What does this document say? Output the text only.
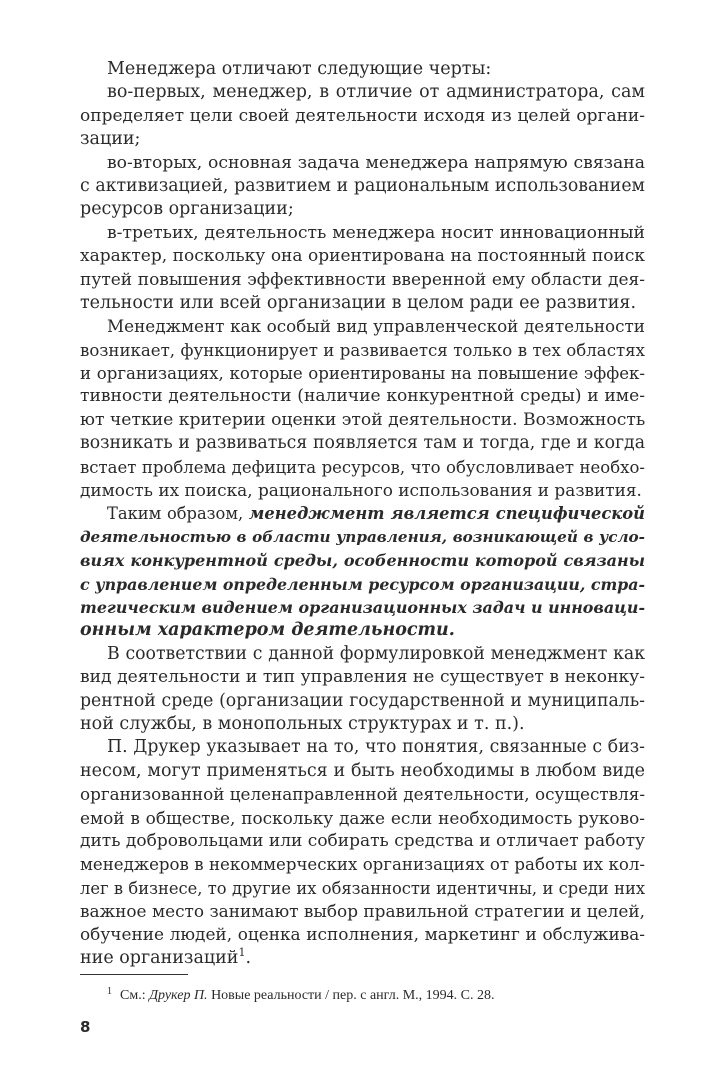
Менеджера отличают следующие черты:
во-первых, менеджер, в отличие от администратора, сам
определяет цели своей деятельности исходя из целей органи-
зации;
во-вторых, основная задача менеджера напрямую связана
с активизацией, развитием и рациональным использованием
ресурсов организации;
в-третьих, деятельность менеджера носит инновационный
характер, поскольку она ориентирована на постоянный поиск
путей повышения эффективности вверенной ему области дея-
тельности или всей организации в целом ради ее развития.
Менеджмент как особый вид управленческой деятельности
возникает, функционирует и развивается только в тех областях
и организациях, которые ориентированы на повышение эффек-
тивности деятельности (наличие конкурентной среды) и име-
ют четкие критерии оценки этой деятельности. Возможность
возникать и развиваться появляется там и тогда, где и когда
встает проблема дефицита ресурсов, что обусловливает необхо-
димость их поиска, рационального использования и развития.
Таким образом, менеджмент является специфической
деятельностью в области управления, возникающей в усло-
виях конкурентной среды, особенности которой связаны
с управлением определенным ресурсом организации, стра-
тегическим видением организационных задач и инноваци-
онным характером деятельности.
В соответствии с данной формулировкой менеджмент как
вид деятельности и тип управления не существует в неконку-
рентной среде (организации государственной и муниципаль-
ной службы, в монопольных структурах и т. п.).
П. Друкер указывает на то, что понятия, связанные с биз-
несом, могут применяться и быть необходимы в любом виде
организованной целенаправленной деятельности, осуществля-
емой в обществе, поскольку даже если необходимость руково-
дить добровольцами или собирать средства и отличает работу
менеджеров в некоммерческих организациях от работы их кол-
лег в бизнесе, то другие их обязанности идентичны, и среди них
важное место занимают выбор правильной стратегии и целей,
обучение людей, оценка исполнения, маркетинг и обслужива-
ние организаций$^1$.
$^1$ См.: Друкер П. Новые реальности / пер. с англ. М., 1994. С. 28.
8
